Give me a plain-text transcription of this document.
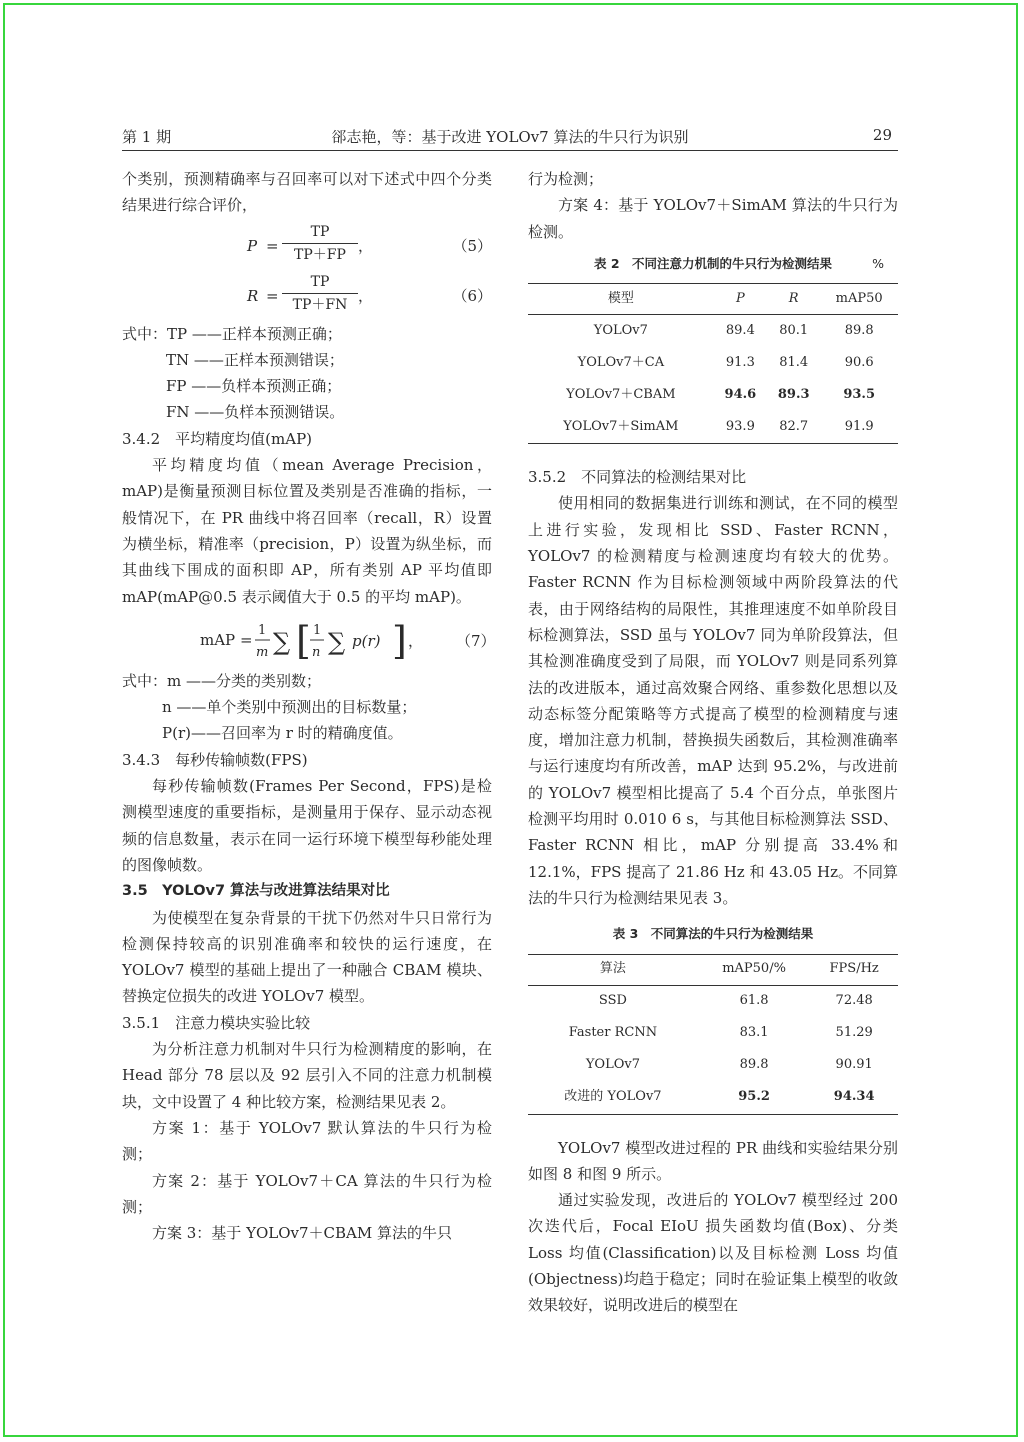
第 1 期	郤志艳，等：基于改进 YOLOv7 算法的牛只行为识别	29

个类别，预测精确率与召回率可以对下述式中四个分类结果进行综合评价，

$P = \frac{TP}{TP+FP}$ ，	（5）
$R = \frac{TP}{TP+FN}$ ，	（6）

式中：TP ——正样本预测正确；

TN ——正样本预测错误；

FP ——负样本预测正确；

FN ——负样本预测错误。

3.4.2　平均精度均值(mAP)

平均精度均值（mean Average Precision，mAP)是衡量预测目标位置及类别是否准确的指标，一般情况下，在 PR 曲线中将召回率（recall，R）设置为横坐标，精准率（precision，P）设置为纵坐标，而其曲线下围成的面积即 AP，所有类别 AP 平均值即 mAP(mAP@0.5 表示阈值大于 0.5 的平均 mAP)。

mAP =
1
m ∑ [ 1
n ∑ p(r) ] ， （7）

式中：m ——分类的类别数；

n ——单个类别中预测出的目标数量；

P(r)——召回率为 r 时的精确度值。

3.4.3　每秒传输帧数(FPS)

每秒传输帧数(Frames Per Second，FPS)是检测模型速度的重要指标，是测量用于保存、显示动态视频的信息数量，表示在同一运行环境下模型每秒能处理的图像帧数。

3.5　YOLOv7 算法与改进算法结果对比

为使模型在复杂背景的干扰下仍然对牛只日常行为检测保持较高的识别准确率和较快的运行速度，在 YOLOv7 模型的基础上提出了一种融合 CBAM 模块、替换定位损失的改进 YOLOv7 模型。

3.5.1　注意力模块实验比较

为分析注意力机制对牛只行为检测精度的影响，在 Head 部分 78 层以及 92 层引入不同的注意力机制模块，文中设置了 4 种比较方案，检测结果见表 2。

方案 1：基于 YOLOv7 默认算法的牛只行为检测；

方案 2：基于 YOLOv7＋CA 算法的牛只行为检测；

方案 3：基于 YOLOv7＋CBAM 算法的牛只

行为检测；

方案 4：基于 YOLOv7＋SimAM 算法的牛只行为检测。

表 2　不同注意力机制的牛只行为检测结果	%
模型	P	R	mAP50
YOLOv7	89.4	80.1	89.8
YOLOv7＋CA	91.3	81.4	90.6
YOLOv7＋CBAM	94.6	89.3	93.5
YOLOv7＋SimAM	93.9	82.7	91.9

3.5.2　不同算法的检测结果对比

使用相同的数据集进行训练和测试，在不同的模型上进行实验，发现相比 SSD、Faster RCNN，YOLOv7 的检测精度与检测速度均有较大的优势。Faster RCNN 作为目标检测领域中两阶段算法的代表，由于网络结构的局限性，其推理速度不如单阶段目标检测算法，SSD 虽与 YOLOv7 同为单阶段算法，但其检测准确度受到了局限，而 YOLOv7 则是同系列算法的改进版本，通过高效聚合网络、重参数化思想以及动态标签分配策略等方式提高了模型的检测精度与速度，增加注意力机制，替换损失函数后，其检测准确率与运行速度均有所改善，mAP 达到 95.2%，与改进前的 YOLOv7 模型相比提高了 5.4 个百分点，单张图片检测平均用时 0.010 6 s，与其他目标检测算法 SSD、Faster RCNN 相比，mAP 分别提高 33.4%和 12.1%，FPS 提高了 21.86 Hz 和 43.05 Hz。不同算法的牛只行为检测结果见表 3。

表 3　不同算法的牛只行为检测结果
算法	mAP50/%	FPS/Hz
SSD	61.8	72.48
Faster RCNN	83.1	51.29
YOLOv7	89.8	90.91
改进的 YOLOv7	95.2	94.34

YOLOv7 模型改进过程的 PR 曲线和实验结果分别如图 8 和图 9 所示。

通过实验发现，改进后的 YOLOv7 模型经过 200 次迭代后，Focal EIoU 损失函数均值(Box)、分类 Loss 均值(Classification)以及目标检测 Loss 均值(Objectness)均趋于稳定；同时在验证集上模型的收敛效果较好，说明改进后的模型在
